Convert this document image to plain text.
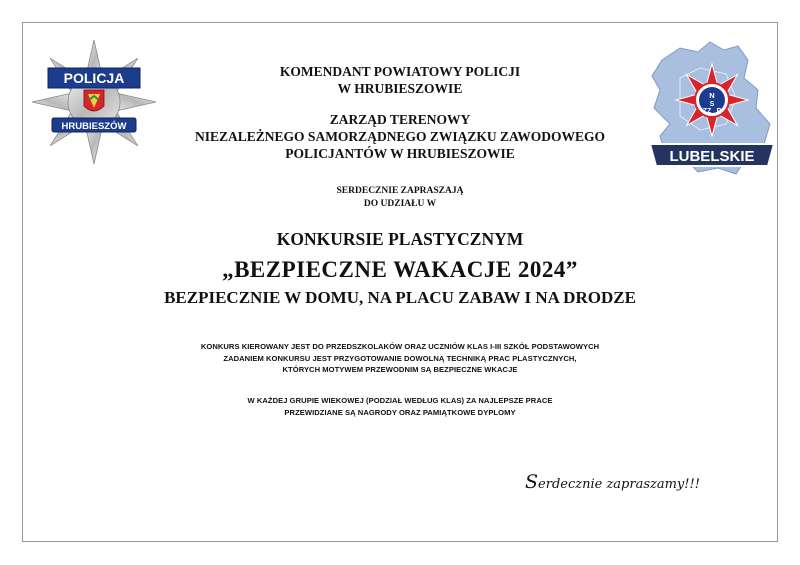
POLICJA
HRUBIESZÓW
N
S
ZZ P
LUBELSKIE
KOMENDANT POWIATOWY POLICJI
W HRUBIESZOWIE
ZARZĄD TERENOWY
NIEZALEŻNEGO SAMORZĄDNEGO ZWIĄZKU ZAWODOWEGO
POLICJANTÓW W HRUBIESZOWIE
SERDECZNIE ZAPRASZAJĄ
DO UDZIAŁU W
KONKURSIE PLASTYCZNYM
„BEZPIECZNE WAKACJE 2024”
BEZPIECZNIE W DOMU, NA PLACU ZABAW I NA DRODZE
KONKURS KIEROWANY JEST DO PRZEDSZKOLAKÓW ORAZ UCZNIÓW KLAS I-III SZKÓŁ PODSTAWOWYCH
ZADANIEM KONKURSU JEST PRZYGOTOWANIE DOWOLNĄ TECHNIKĄ PRAC PLASTYCZNYCH,
KTÓRYCH MOTYWEM PRZEWODNIM SĄ BEZPIECZNE WKACJE
W KAŻDEJ GRUPIE WIEKOWEJ (PODZIAŁ WEDŁUG KLAS) ZA NAJLEPSZE PRACE
PRZEWIDZIANE SĄ NAGRODY ORAZ PAMIĄTKOWE DYPLOMY
Serdecznie zapraszamy!!!
